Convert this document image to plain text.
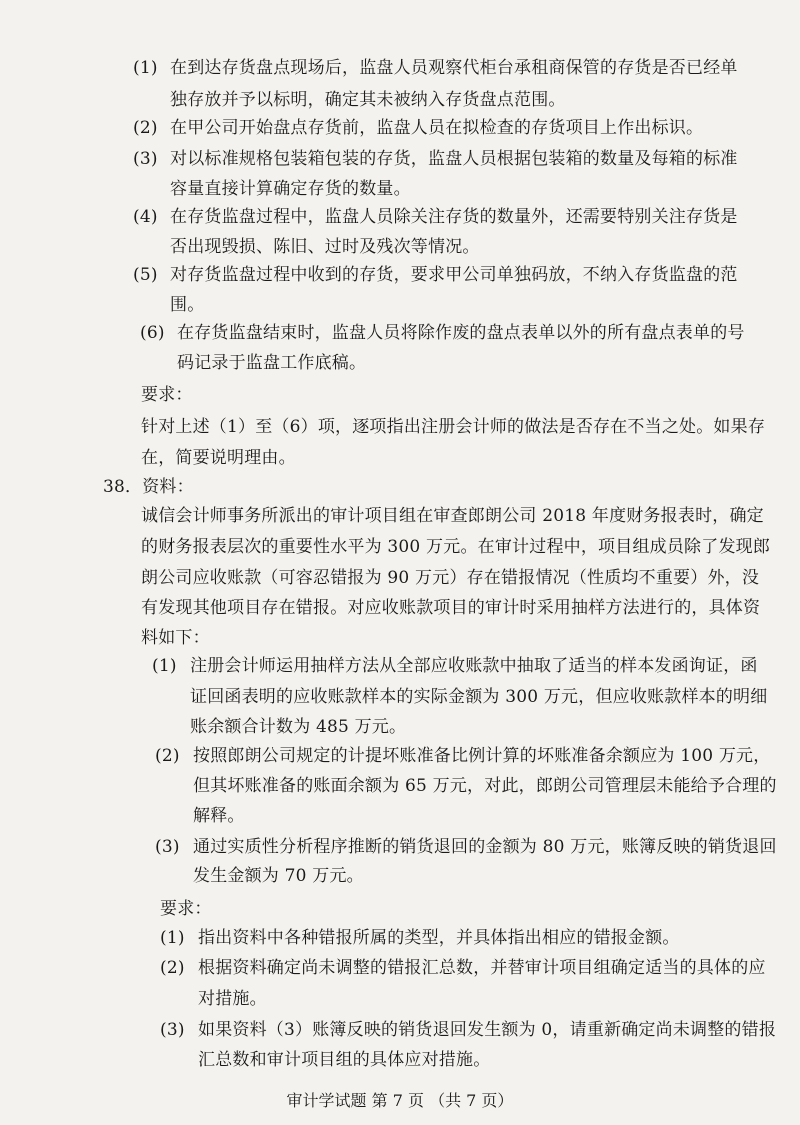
(1) 在到达存货盘点现场后，监盘人员观察代柜台承租商保管的存货是否已经单
独存放并予以标明，确定其未被纳入存货盘点范围。
(2) 在甲公司开始盘点存货前，监盘人员在拟检查的存货项目上作出标识。
(3) 对以标准规格包装箱包装的存货，监盘人员根据包装箱的数量及每箱的标准
容量直接计算确定存货的数量。
(4) 在存货监盘过程中，监盘人员除关注存货的数量外，还需要特别关注存货是
否出现毁损、陈旧、过时及残次等情况。
(5) 对存货监盘过程中收到的存货，要求甲公司单独码放，不纳入存货监盘的范
围。
(6) 在存货监盘结束时，监盘人员将除作废的盘点表单以外的所有盘点表单的号
码记录于监盘工作底稿。
要求：
针对上述（1）至（6）项，逐项指出注册会计师的做法是否存在不当之处。如果存
在，简要说明理由。
38．资料：
诚信会计师事务所派出的审计项目组在审查郎朗公司 2018 年度财务报表时，确定
的财务报表层次的重要性水平为 300 万元。在审计过程中，项目组成员除了发现郎
朗公司应收账款（可容忍错报为 90 万元）存在错报情况（性质均不重要）外，没
有发现其他项目存在错报。对应收账款项目的审计时采用抽样方法进行的，具体资
料如下：
(1) 注册会计师运用抽样方法从全部应收账款中抽取了适当的样本发函询证，函
证回函表明的应收账款样本的实际金额为 300 万元，但应收账款样本的明细
账余额合计数为 485 万元。
(2) 按照郎朗公司规定的计提坏账准备比例计算的坏账准备余额应为 100 万元，
但其坏账准备的账面余额为 65 万元，对此，郎朗公司管理层未能给予合理的
解释。
(3) 通过实质性分析程序推断的销货退回的金额为 80 万元，账簿反映的销货退回
发生金额为 70 万元。
要求：
(1) 指出资料中各种错报所属的类型，并具体指出相应的错报金额。
(2) 根据资料确定尚未调整的错报汇总数，并替审计项目组确定适当的具体的应
对措施。
(3) 如果资料（3）账簿反映的销货退回发生额为 0，请重新确定尚未调整的错报
汇总数和审计项目组的具体应对措施。
审计学试题 第 7 页 （共 7 页）
